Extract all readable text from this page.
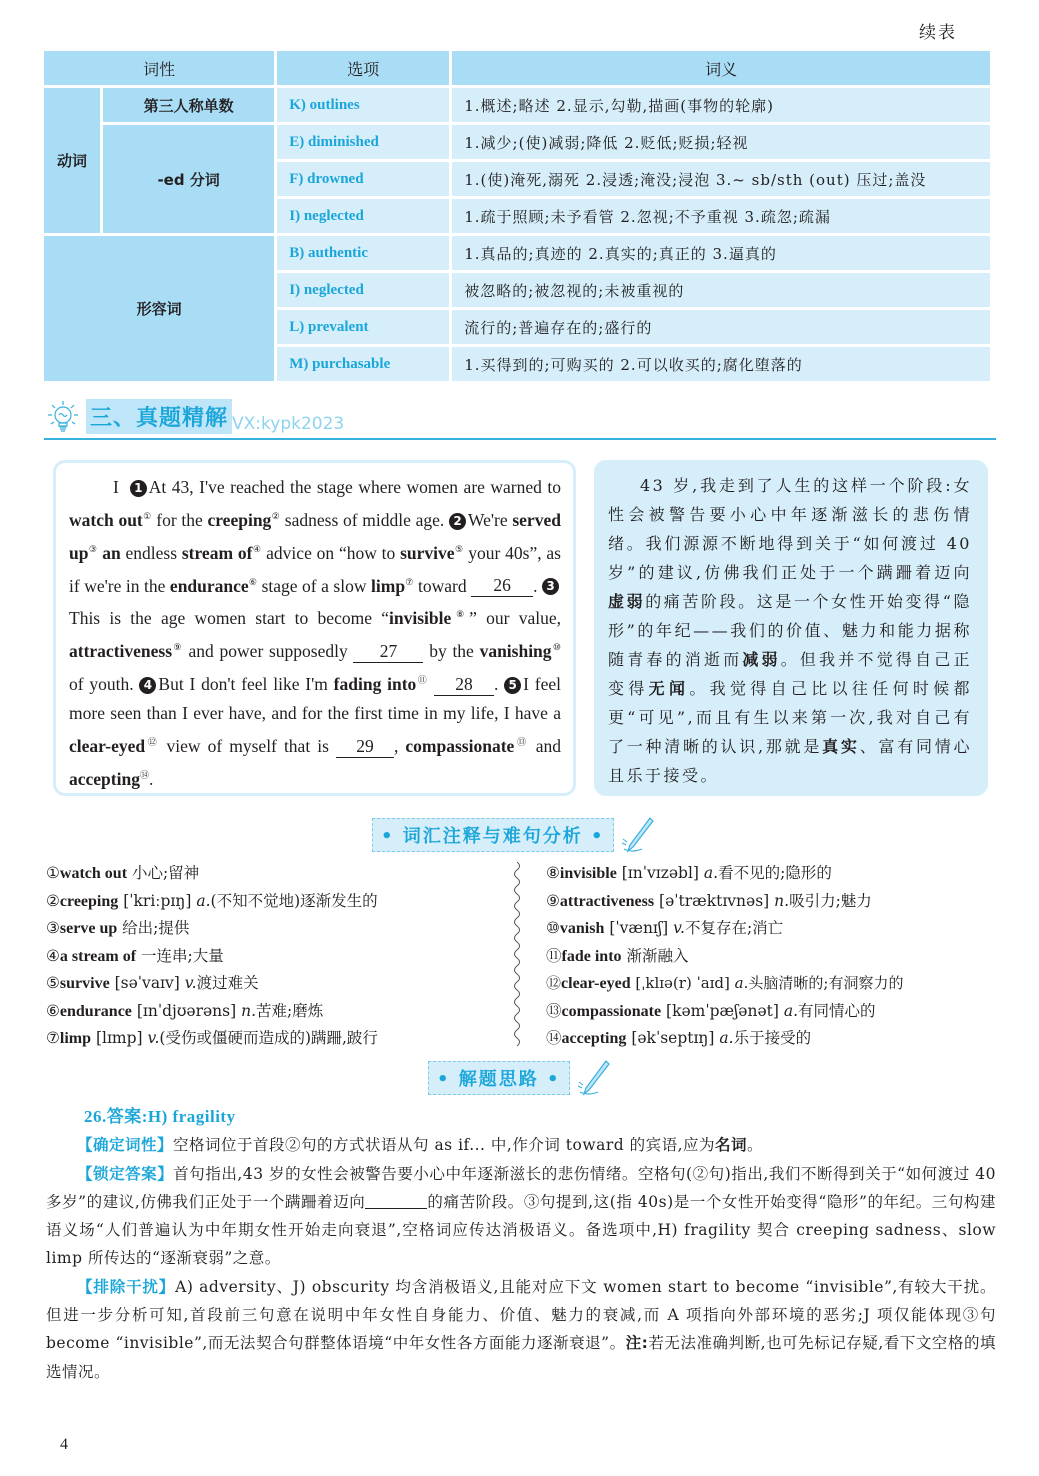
续表
词性		选项	词义
动词	第三人称单数	K) outlines	1.概述;略述 2.显示,勾勒,描画(事物的轮廓)
	-ed 分词	E) diminished	1.减少;(使)减弱;降低 2.贬低;贬损;轻视
		F) drowned	1.(使)淹死,溺死 2.浸透;淹没;浸泡 3.~ sb/sth (out) 压过;盖没
		I) neglected	1.疏于照顾;未予看管 2.忽视;不予重视 3.疏忽;疏漏
形容词		B) authentic	1.真品的;真迹的 2.真实的;真正的 3.逼真的
		I) neglected	被忽略的;被忽视的;未被重视的
		L) prevalent	流行的;普遍存在的;盛行的
		M) purchasable	1.买得到的;可购买的 2.可以收买的;腐化堕落的
三、真题精解 VX:kypk2023
I 1 At 43, I've reached the stage where women are warned to watch out① for the creeping② sadness of middle age. 2 We're served up③ an endless stream of④ advice on “how to survive⑤ your 40s”, as if we're in the endurance⑥ stage of a slow limp⑦ toward 26 . 3This is the age women start to become “invisible⑧” our value, attractiveness⑨ and power supposedly 27 by the vanishing⑩ of youth. 4 But I don't feel like I'm fading into⑪ 28 . 5 I feel more seen than I ever have, and for the first time in my life, I have a clear-eyed⑫ view of myself that is 29 , compassionate⑬ and accepting⑭.
43 岁,我走到了人生的这样一个阶段:女性会被警告要小心中年逐渐滋长的悲伤情绪。我们源源不断地得到关于“如何渡过 40 岁”的建议,仿佛我们正处于一个蹒跚着迈向虚弱的痛苦阶段。这是一个女性开始变得“隐形”的年纪——我们的价值、魅力和能力据称随青春的消逝而减弱。但我并不觉得自己正变得无闻。我觉得自己比以往任何时候都更“可见”,而且有生以来第一次,我对自己有了一种清晰的认识,那就是真实、富有同情心且乐于接受。
• 词汇注释与难句分析 •
①watch out 小心;留神
②creeping [ˈkriːpɪŋ] a.(不知不觉地)逐渐发生的
③serve up 给出;提供
④a stream of 一连串;大量
⑤survive [səˈvaɪv] v.渡过难关
⑥endurance [ɪnˈdjʊərəns] n.苦难;磨炼
⑦limp [lɪmp] v.(受伤或僵硬而造成的)蹒跚,跛行
⑧invisible [ɪnˈvɪzəbl] a.看不见的;隐形的
⑨attractiveness [əˈtræktɪvnəs] n.吸引力;魅力
⑩vanish [ˈvænɪʃ] v.不复存在;消亡
⑪fade into 渐渐融入
⑫clear-eyed [ˌklɪə(r) ˈaɪd] a.头脑清晰的;有洞察力的
⑬compassionate [kəmˈpæʃənət] a.有同情心的
⑭accepting [əkˈseptɪŋ] a.乐于接受的
• 解题思路 •

26.答案:H) fragility

【确定词性】空格词位于首段②句的方式状语从句 as if... 中,作介词 toward 的宾语,应为名词。

【锁定答案】首句指出,43 岁的女性会被警告要小心中年逐渐滋长的悲伤情绪。空格句(②句)指出,我们不断得到关于“如何渡过 40 多岁”的建议,仿佛我们正处于一个蹒跚着迈向	的痛苦阶段。③句提到,这(指 40s)是一个女性开始变得“隐形”的年纪。三句构建语义场“人们普遍认为中年期女性开始走向衰退”,空格词应传达消极语义。备选项中,H) fragility 契合 creeping sadness、slow limp 所传达的“逐渐衰弱”之意。

【排除干扰】A) adversity、J) obscurity 均含消极语义,且能对应下文 women start to become “invisible”,有较大干扰。但进一步分析可知,首段前三句意在说明中年女性自身能力、价值、魅力的衰减,而 A 项指向外部环境的恶劣;J 项仅能体现③句 become “invisible”,而无法契合句群整体语境“中年女性各方面能力逐渐衰退”。注:若无法准确判断,也可先标记存疑,看下文空格的填选情况。

4
